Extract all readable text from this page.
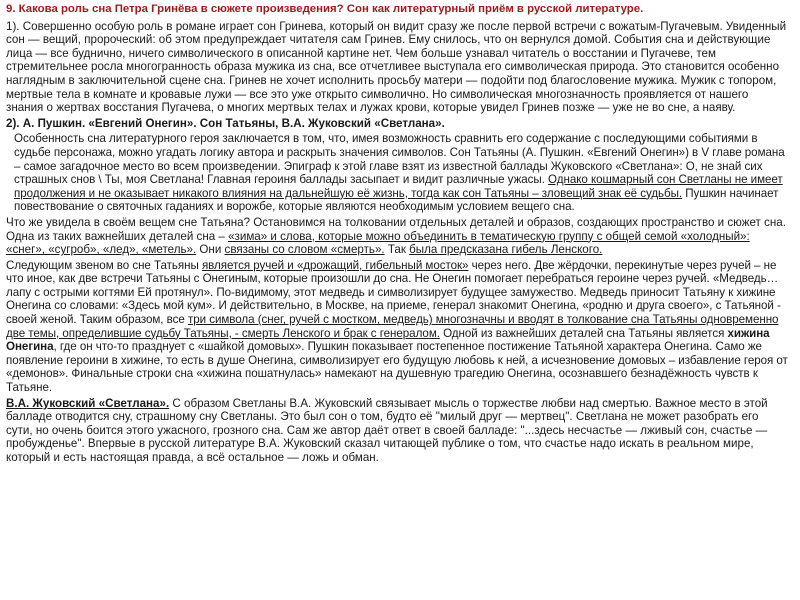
9. Какова роль сна Петра Гринёва в сюжете произведения? Сон как литературный приём в русской литературе.

1). Совершенно особую роль в романе играет сон Гринева, который он видит сразу же после первой встречи с вожатым-Пугачевым. Увиденный сон — вещий, пророческий: об этом предупреждает читателя сам Гринев. Ему снилось, что он вернулся домой. События сна и действующие лица — все буднично, ничего символического в описанной картине нет. Чем больше узнавал читатель о восстании и Пугачеве, тем стремительнее росла многогранность образа мужика из сна, все отчетливее выступала его символическая природа. Это становится особенно наглядным в заключительной сцене сна. Гринев не хочет исполнить просьбу матери — подойти под благословение мужика. Мужик с топором, мертвые тела в комнате и кровавые лужи — все это уже открыто символично. Но символическая многозначность проявляется от нашего знания о жертвах восстания Пугачева, о многих мертвых телах и лужах крови, которые увидел Гринев позже — уже не во сне, а наяву.

2). А. Пушкин. «Евгений Онегин». Сон Татьяны, В.А. Жуковский «Светлана».

Особенность сна литературного героя заключается в том, что, имея возможность сравнить его содержание с последующими событиями в судьбе персонажа, можно угадать логику автора и раскрыть значения символов. Сон Татьяны (А. Пушкин. «Евгений Онегин») в V главе романа – самое загадочное место во всем произведении. Эпиграф к этой главе взят из известной баллады Жуковского «Светлана»: О, не знай сих страшных снов \ Ты, моя Светлана! Главная героиня баллады засыпает и видит различные ужасы. Однако кошмарный сон Светланы не имеет продолжения и не оказывает никакого влияния на дальнейшую её жизнь, тогда как сон Татьяны – зловещий знак её судьбы. Пушкин начинает повествование о святочных гаданиях и ворожбе, которые являются необходимым условием вещего сна.

Что же увидела в своём вещем сне Татьяна? Остановимся на толковании отдельных деталей и образов, создающих пространство и сюжет сна. Одна из таких важнейших деталей сна – «зима» и слова, которые можно объединить в тематическую группу с общей семой «холодный»: «снег», «сугроб», «лед», «метель». Они связаны со словом «смерть». Так была предсказана гибель Ленского.

Следующим звеном во сне Татьяны является ручей и «дрожащий, гибельный мосток» через него. Две жёрдочки, перекинутые через ручей – не что иное, как две встречи Татьяны с Онегиным, которые произошли до сна. Не Онегин помогает перебраться героине через ручей. «Медведь… лапу с острыми когтями Ей протянул». По-видимому, этот медведь и символизирует будущее замужество. Медведь приносит Татьяну к хижине Онегина со словами: «Здесь мой кум». И действительно, в Москве, на приеме, генерал знакомит Онегина, «родню и друга своего», с Татьяной - своей женой. Таким образом, все три символа (снег, ручей с мостком, медведь) многозначны и вводят в толкование сна Татьяны одновременно две темы, определившие судьбу Татьяны, - смерть Ленского и брак с генералом. Одной из важнейших деталей сна Татьяны является хижина Онегина, где он что-то празднует с «шайкой домовых». Пушкин показывает постепенное постижение Татьяной характера Онегина. Само же появление героини в хижине, то есть в душе Онегина, символизирует его будущую любовь к ней, а исчезновение домовых – избавление героя от «демонов». Финальные строки сна «хижина пошатнулась» намекают на душевную трагедию Онегина, осознавшего безнадёжность чувств к Татьяне.

В.А. Жуковский «Светлана». С образом Светланы В.А. Жуковский связывает мысль о торжестве любви над смертью. Важное место в этой балладе отводится сну, страшному сну Светланы. Это был сон о том, будто её "милый друг — мертвец". Светлана не может разобрать его сути, но очень боится этого ужасного, грозного сна. Сам же автор даёт ответ в своей балладе: "...здесь несчастье — лживый сон, счастье — пробужденье". Впервые в русской литературе В.А. Жуковский сказал читающей публике о том, что счастье надо искать в реальном мире, который и есть настоящая правда, а всё остальное — ложь и обман.
